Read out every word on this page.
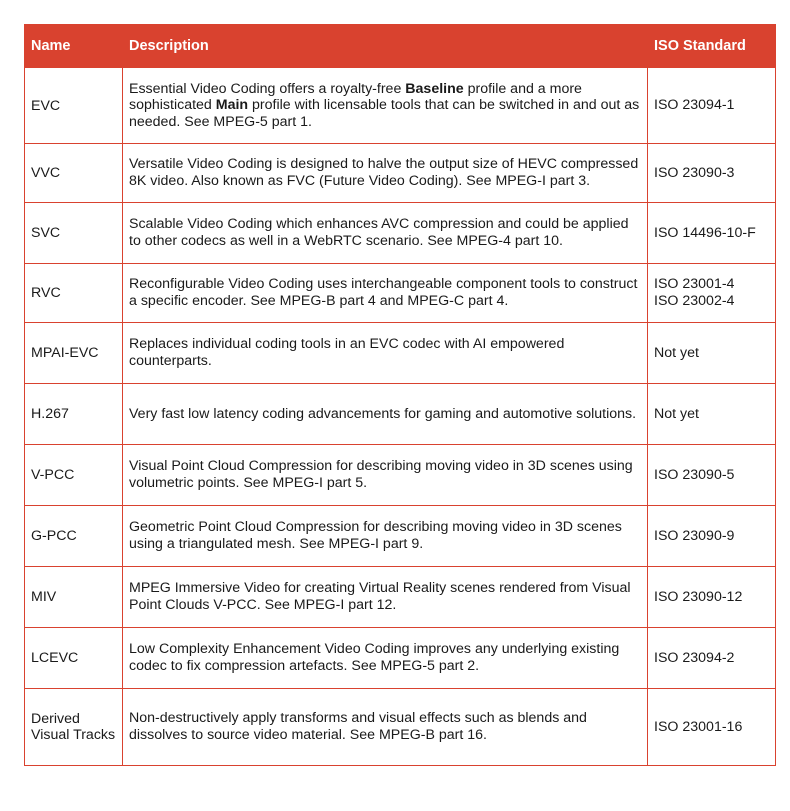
Name	Description	ISO Standard
EVC	Essential Video Coding offers a royalty-free Baseline profile and a more sophisticated Main profile with licensable tools that can be switched in and out as needed. See MPEG-5 part 1.	ISO 23094-1

VVC	Versatile Video Coding is designed to halve the output size of HEVC compressed 8K video. Also known as FVC (Future Video Coding). See MPEG-I part 3.	ISO 23090-3

SVC	Scalable Video Coding which enhances AVC compression and could be applied to other codecs as well in a WebRTC scenario. See MPEG-4 part 10.	ISO 14496-10-F

RVC	Reconfigurable Video Coding uses interchangeable component tools to construct a specific encoder. See MPEG-B part 4 and MPEG-C part 4.	ISO 23001-4
ISO 23002-4

MPAI-EVC	Replaces individual coding tools in an EVC codec with AI empowered counterparts.	Not yet

H.267	Very fast low latency coding advancements for gaming and automotive solutions.	Not yet

V-PCC	Visual Point Cloud Compression for describing moving video in 3D scenes using volumetric points. See MPEG-I part 5.	ISO 23090-5

G-PCC	Geometric Point Cloud Compression for describing moving video in 3D scenes using a triangulated mesh. See MPEG-I part 9.	ISO 23090-9

MIV	MPEG Immersive Video for creating Virtual Reality scenes rendered from Visual Point Clouds V-PCC. See MPEG-I part 12.	ISO 23090-12

LCEVC	Low Complexity Enhancement Video Coding improves any underlying existing codec to fix compression artefacts. See MPEG-5 part 2.	ISO 23094-2

Derived Visual Tracks	Non-destructively apply transforms and visual effects such as blends and dissolves to source video material. See MPEG-B part 16.	ISO 23001-16
